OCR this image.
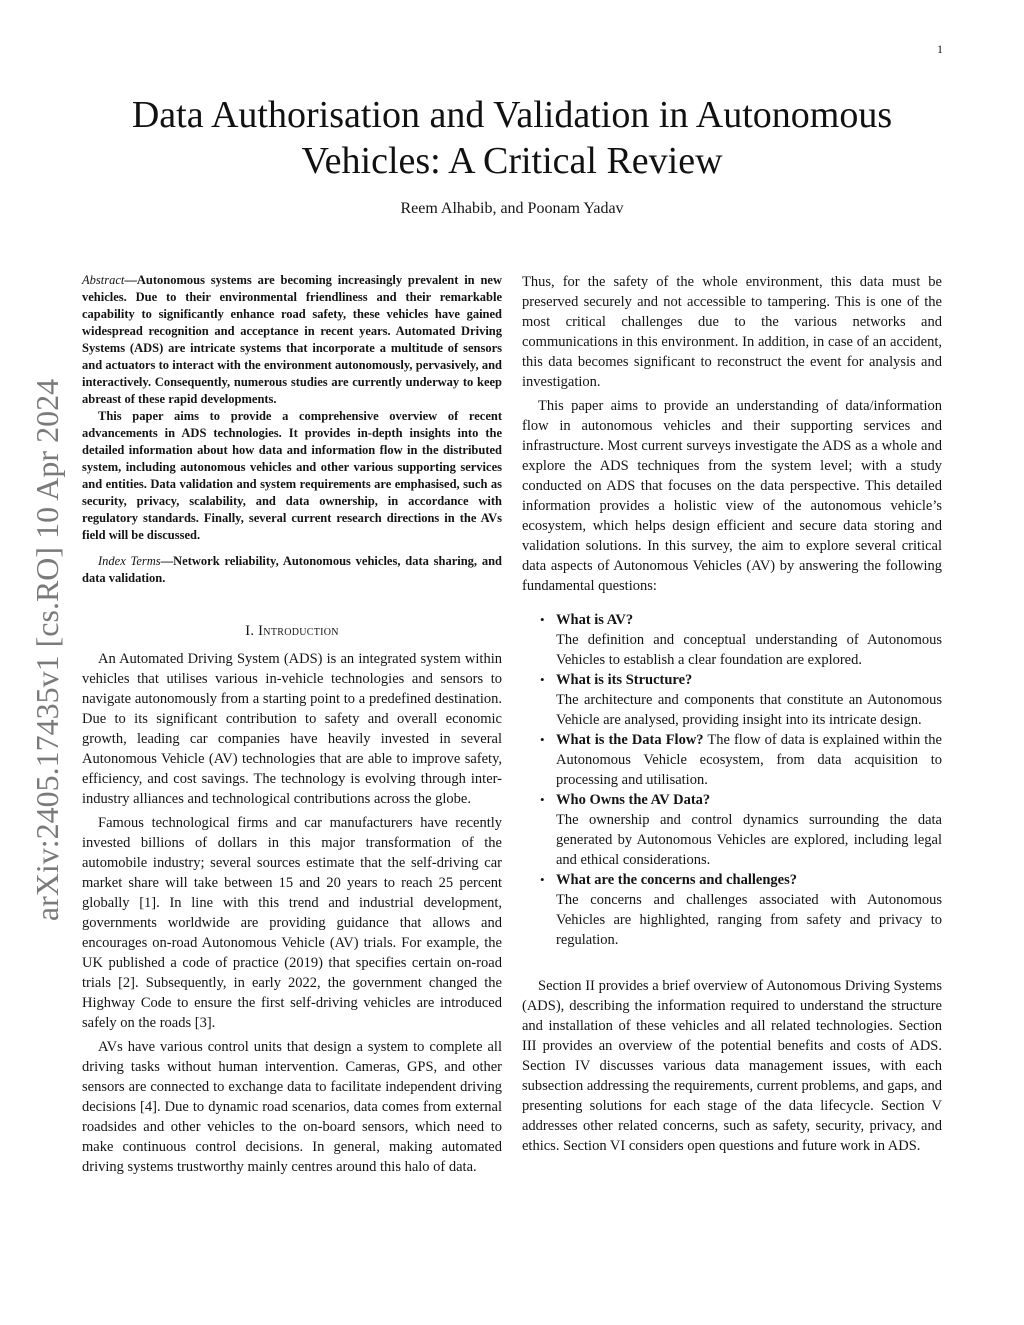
1
arXiv:2405.17435v1 [cs.RO] 10 Apr 2024
Data Authorisation and Validation in Autonomous Vehicles: A Critical Review
Reem Alhabib, and Poonam Yadav

Abstract—Autonomous systems are becoming increasingly prevalent in new vehicles. Due to their environmental friendliness and their remarkable capability to significantly enhance road safety, these vehicles have gained widespread recognition and acceptance in recent years. Automated Driving Systems (ADS) are intricate systems that incorporate a multitude of sensors and actuators to interact with the environment autonomously, pervasively, and interactively. Consequently, numerous studies are currently underway to keep abreast of these rapid developments.

This paper aims to provide a comprehensive overview of recent advancements in ADS technologies. It provides in-depth insights into the detailed information about how data and information flow in the distributed system, including autonomous vehicles and other various supporting services and entities. Data validation and system requirements are emphasised, such as security, privacy, scalability, and data ownership, in accordance with regulatory standards. Finally, several current research directions in the AVs field will be discussed.

Index Terms—Network reliability, Autonomous vehicles, data sharing, and data validation.

I. Introduction

An Automated Driving System (ADS) is an integrated system within vehicles that utilises various in-vehicle technologies and sensors to navigate autonomously from a starting point to a predefined destination. Due to its significant contribution to safety and overall economic growth, leading car companies have heavily invested in several Autonomous Vehicle (AV) technologies that are able to improve safety, efficiency, and cost savings. The technology is evolving through inter-industry alliances and technological contributions across the globe.

Famous technological firms and car manufacturers have recently invested billions of dollars in this major transformation of the automobile industry; several sources estimate that the self-driving car market share will take between 15 and 20 years to reach 25 percent globally [1]. In line with this trend and industrial development, governments worldwide are providing guidance that allows and encourages on-road Autonomous Vehicle (AV) trials. For example, the UK published a code of practice (2019) that specifies certain on-road trials [2]. Subsequently, in early 2022, the government changed the Highway Code to ensure the first self-driving vehicles are introduced safely on the roads [3].

AVs have various control units that design a system to complete all driving tasks without human intervention. Cameras, GPS, and other sensors are connected to exchange data to facilitate independent driving decisions [4]. Due to dynamic road scenarios, data comes from external roadsides and other vehicles to the on-board sensors, which need to make continuous control decisions. In general, making automated driving systems trustworthy mainly centres around this halo of data.

Thus, for the safety of the whole environment, this data must be preserved securely and not accessible to tampering. This is one of the most critical challenges due to the various networks and communications in this environment. In addition, in case of an accident, this data becomes significant to reconstruct the event for analysis and investigation.

This paper aims to provide an understanding of data/information flow in autonomous vehicles and their supporting services and infrastructure. Most current surveys investigate the ADS as a whole and explore the ADS techniques from the system level; with a study conducted on ADS that focuses on the data perspective. This detailed information provides a holistic view of the autonomous vehicle’s ecosystem, which helps design efficient and secure data storing and validation solutions. In this survey, the aim to explore several critical data aspects of Autonomous Vehicles (AV) by answering the following fundamental questions:

• What is AV?
The definition and conceptual understanding of Autonomous Vehicles to establish a clear foundation are explored.
• What is its Structure?
The architecture and components that constitute an Autonomous Vehicle are analysed, providing insight into its intricate design.
• What is the Data Flow? The flow of data is explained within the Autonomous Vehicle ecosystem, from data acquisition to processing and utilisation.
• Who Owns the AV Data?
The ownership and control dynamics surrounding the data generated by Autonomous Vehicles are explored, including legal and ethical considerations.
• What are the concerns and challenges?
The concerns and challenges associated with Autonomous Vehicles are highlighted, ranging from safety and privacy to regulation.

Section II provides a brief overview of Autonomous Driving Systems (ADS), describing the information required to understand the structure and installation of these vehicles and all related technologies. Section III provides an overview of the potential benefits and costs of ADS. Section IV discusses various data management issues, with each subsection addressing the requirements, current problems, and gaps, and presenting solutions for each stage of the data lifecycle. Section V addresses other related concerns, such as safety, security, privacy, and ethics. Section VI considers open questions and future work in ADS.
